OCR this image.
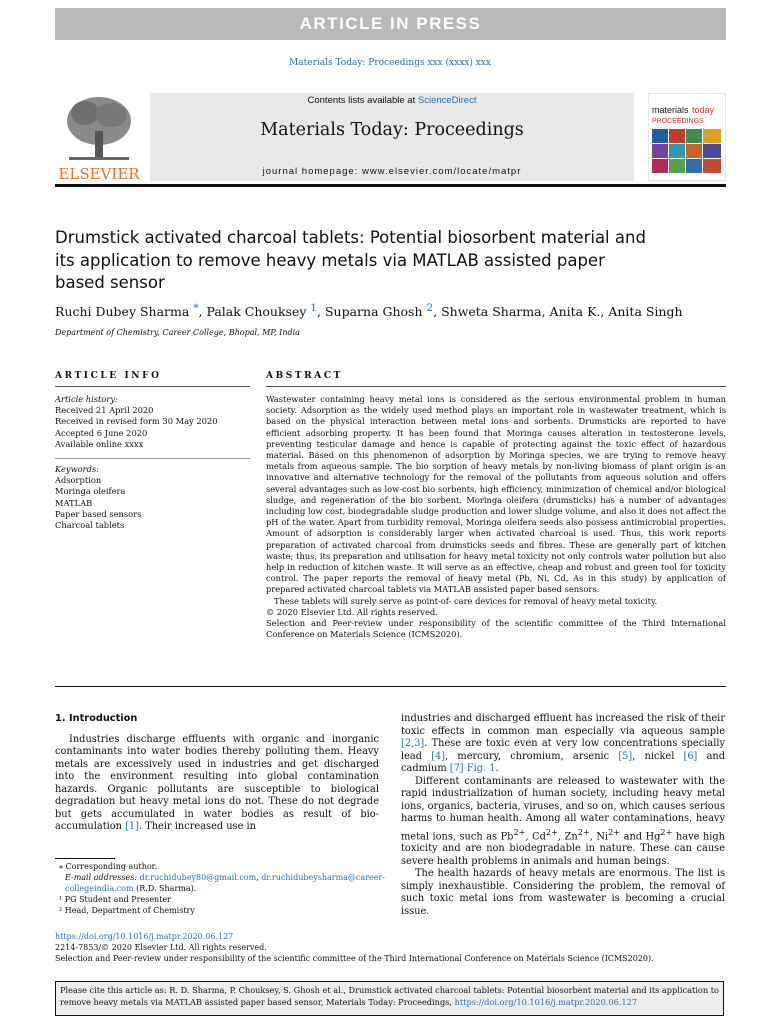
ARTICLE IN PRESS
Materials Today: Proceedings xxx (xxxx) xxx
ELSEVIER
Contents lists available at ScienceDirect
Materials Today: Proceedings
journal homepage: www.elsevier.com/locate/matpr
materials today
PROCEEDINGS
Drumstick activated charcoal tablets: Potential biosorbent material and its application to remove heavy metals via MATLAB assisted paper based sensor
Ruchi Dubey Sharma *, Palak Chouksey $^1$, Suparna Ghosh $^2$, Shweta Sharma, Anita K., Anita Singh
Department of Chemistry, Career College, Bhopal, MP, India
ARTICLE INFO	ABSTRACT
Article history:
Received 21 April 2020
Received in revised form 30 May 2020
Accepted 6 June 2020
Available online xxxx
Keywords:
Adsorption
Moringa oleifera
MATLAB
Paper based sensors
Charcoal tablets

Wastewater containing heavy metal ions is considered as the serious environmental problem in human society. Adsorption as the widely used method plays an important role in wastewater treatment, which is based on the physical interaction between metal ions and sorbents. Drumsticks are reported to have efficient adsorbing property. It has been found that Moringa causes alteration in testosterone levels, preventing testicular damage and hence is capable of protecting against the toxic effect of hazardous material. Based on this phenomenon of adsorption by Moringa species, we are trying to remove heavy metals from aqueous sample. The bio sorption of heavy metals by non-living biomass of plant origin is an innovative and alternative technology for the removal of the pollutants from aqueous solution and offers several advantages such as low-cost bio sorbents, high efficiency, minimization of chemical and/or biological sludge, and regeneration of the bio sorbent. Moringa oleifera (drumsticks) has a number of advantages including low cost, biodegradable sludge production and lower sludge volume, and also it does not affect the pH of the water. Apart from turbidity removal, Moringa oleifera seeds also possess antimicrobial properties. Amount of adsorption is considerably larger when activated charcoal is used. Thus, this work reports preparation of activated charcoal from drumsticks seeds and fibres. These are generally part of kitchen waste; thus, its preparation and utilisation for heavy metal toxicity not only controls water pollution but also help in reduction of kitchen waste. It will serve as an effective, cheap and robust and green tool for toxicity control. The paper reports the removal of heavy metal (Pb, Ni, Cd, As in this study) by application of prepared activated charcoal tablets via MATLAB assisted paper based sensors.

These tablets will surely serve as point-of- care devices for removal of heavy metal toxicity.

© 2020 Elsevier Ltd. All rights reserved.

Selection and Peer-review under responsibility of the scientific committee of the Third International Conference on Materials Science (ICMS2020).

1. Introduction

Industries discharge effluents with organic and inorganic contaminants into water bodies thereby polluting them. Heavy metals are excessively used in industries and get discharged into the environment resulting into global contamination hazards. Organic pollutants are susceptible to biological degradation but heavy metal ions do not. These do not degrade but gets accumulated in water bodies as result of bio-accumulation [1]. Their increased use in

industries and discharged effluent has increased the risk of their toxic effects in common man especially via aqueous sample [2,3]. These are toxic even at very low concentrations specially lead [4], mercury, chromium, arsenic [5], nickel [6] and cadmium [7] Fig. 1.

Different contaminants are released to wastewater with the rapid industrialization of human society, including heavy metal ions, organics, bacteria, viruses, and so on, which causes serious harms to human health. Among all water contaminations, heavy metal ions, such as $Pb^{2+}$, $Cd^{2+}$, $Zn^{2+}$, $Ni^{2+}$ and $Hg^{2+}$ have high toxicity and are non biodegradable in nature. These can cause severe health problems in animals and human beings.

The health hazards of heavy metals are enormous. The list is simply inexhaustible. Considering the problem, the removal of such toxic metal ions from wastewater is becoming a crucial issue.

⁎ Corresponding author.
E-mail addresses: dr.ruchidubey80@gmail.com, dr.ruchidubeysharma@career-collegeindia.com (R.D. Sharma).
¹ PG Student and Presenter
² Head, Department of Chemistry
https://doi.org/10.1016/j.matpr.2020.06.127
2214-7853/© 2020 Elsevier Ltd. All rights reserved.
Selection and Peer-review under responsibility of the scientific committee of the Third International Conference on Materials Science (ICMS2020).
Please cite this article as: R. D. Sharma, P. Chouksey, S. Ghosh et al., Drumstick activated charcoal tablets: Potential biosorbent material and its application to remove heavy metals via MATLAB assisted paper based sensor, Materials Today: Proceedings, https://doi.org/10.1016/j.matpr.2020.06.127
